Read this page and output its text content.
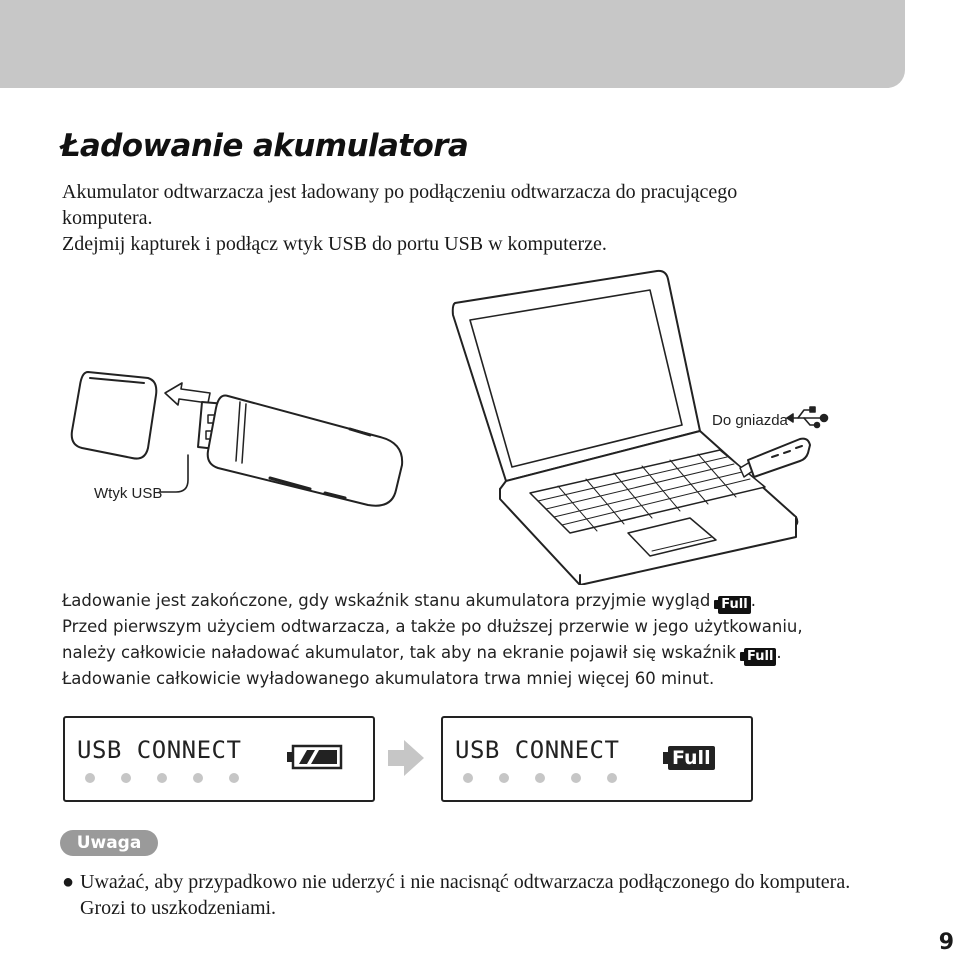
Ładowanie akumulatora

Akumulator odtwarzacza jest ładowany po podłączeniu odtwarzacza do pracującego

komputera.

Zdejmij kapturek i podłącz wtyk USB do portu USB w komputerze.

Wtyk USB
Do gniazda

Ładowanie jest zakończone, gdy wskaźnik stanu akumulatora przyjmie wygląd Full .

Przed pierwszym użyciem odtwarzacza, a także po dłuższej przerwie w jego użytkowaniu,

należy całkowicie naładować akumulator, tak aby na ekranie pojawił się wskaźnik Full .

Ładowanie całkowicie wyładowanego akumulatora trwa mniej więcej 60 minut.

USB CONNECT	USB CONNECT	Full
Uwaga
● Uważać, aby przypadkowo nie uderzyć i nie nacisnąć odtwarzacza podłączonego do komputera.
Grozi to uszkodzeniami.
9
